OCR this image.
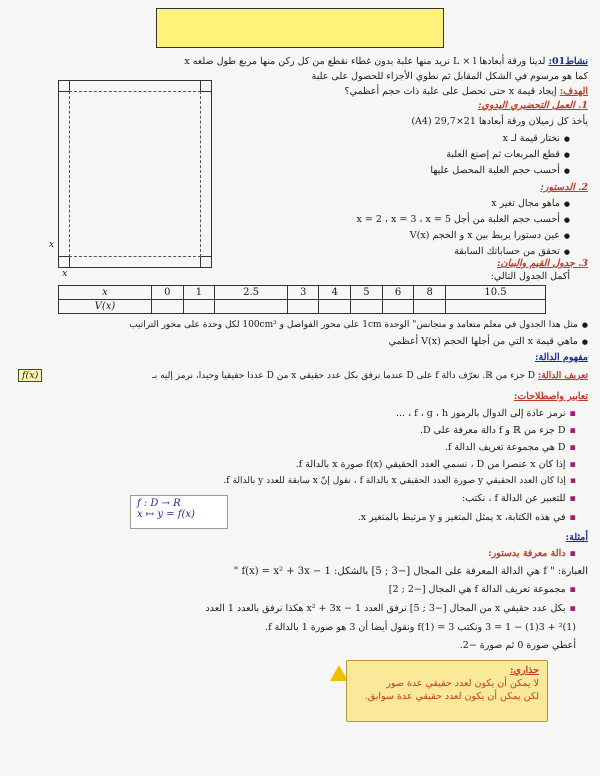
نشاط01: لدينا ورقة أبعادها L × l نريد منها علبة بدون غطاء نقطع من كل ركن منها مربع طول ضلعه x
كما هو مرسوم في الشكل المقابل ثم نطوي الأجزاء للحصول على علبة
الهدف: إيجاد قيمة x حتى نحصل على علبة ذات حجم أعظمي؟
x
x
1. العمل التحضيري اليدوي:
يأخذ كل زميلان ورقة أبعادها 21×29,7 (A4)
● نختار قيمة لـ x
● قطع المربعات ثم إصنع العلبة
● أحسب حجم العلبة المحصل عليها
2. الدستور:
● ماهو مجال تغير x
● أحسب حجم العلبة من أجل x = 2 ، x = 3 ، x = 5
● عين دستورا يربط بين x و الحجم V(x)
● تحقق من حساباتك السابقة
3. جدول القيم والبيان:
أكمل الجدول التالي:
x	0	1	2.5	3	4	5	6	8	10.5
V(x)									
● مثل هذا الجدول في معلم متعامد و متجانس" الوحدة 1cm على محور الفواصل و 100cm³ لكل وحدة على محور التراتيب
● ماهي قيمة x التي من أجلها الحجم V(x) أعظمي
مفهوم الدالة:
تعريف الدالة: D جزء من ℝ. نعرّف دالة f على D عندما نرفق بكل عدد حقيقي x من D عددا حقيقيا وحيدا، نرمز إليه بـ
f(x)
تعابير واصطلاحات:
▪ نرمز عادة إلى الدوال بالرموز f ، g ، h ، ...
▪ D جزء من ℝ و f دالة معرفة على D.
▪ D هي مجموعة تعريف الدالة f.
▪ إذا كان x عنصرا من D ، نسمي العدد الحقيقي f(x) صورة x بالدالة f.
▪ إذا كان العدد الحقيقي y صورة العدد الحقيقي x بالدالة f ، نقول إنّ x سابقة للعدد y بالدالة f.
▪ للتعبير عن الدالة f ، نكتب:
f : D → R
x ↦ y = f(x)	▪ في هذه الكتابة، x يمثل المتغير و y مرتبط بالمتغير x.
أمثلة:
▪ دالة معرفة بدستور:
العبارة: " f هي الدالة المعرفة على المجال [−3 ; 5] بالشكل: f(x) = x² + 3x − 1 "
▪ مجموعة تعريف الدالة f هي المجال [−2 ; 2]
▪ بكل عدد حقيقي x من المجال [−3 ; 5] نرفق العدد x² + 3x − 1 هكذا نرفق بالعدد 1 العدد
(1)² + 3(1) − 1 = 3 ونكتب f(1) = 3 ونقول أيضا أن 3 هو صورة 1 بالدالة f.
أعطي صورة 0 ثم صورة −2.
حذاري:
لا يمكن أن يكون لعدد حقيقي عدة صور
لكن يمكن أن يكون لعدد حقيقي عدة سوابق.
